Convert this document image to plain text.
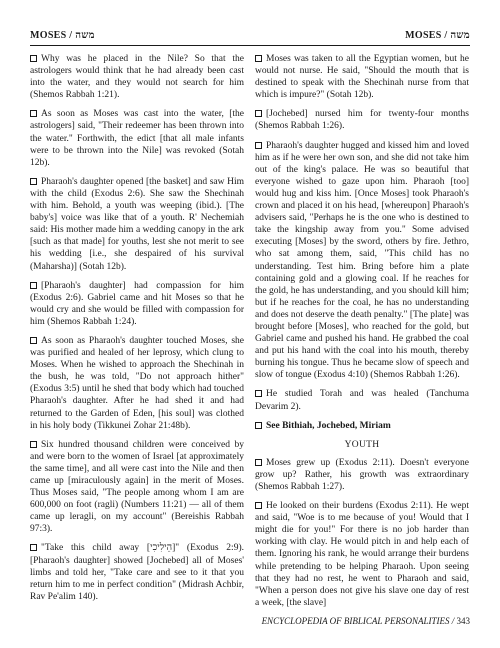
MOSES / משה	MOSES / משה

Why was he placed in the Nile? So that the astrologers would think that he had already been cast into the water, and they would not search for him (Shemos Rabbah 1:21).

As soon as Moses was cast into the water, [the astrologers] said, "Their redeemer has been thrown into the water." Forthwith, the edict [that all male infants were to be thrown into the Nile] was revoked (Sotah 12b).

Pharaoh's daughter opened [the basket] and saw Him with the child (Exodus 2:6). She saw the Shechinah with him. Behold, a youth was weeping (ibid.). [The baby's] voice was like that of a youth. R' Nechemiah said: His mother made him a wedding canopy in the ark [such as that made] for youths, lest she not merit to see his wedding [i.e., she despaired of his survival (Maharsha)] (Sotah 12b).

[Pharaoh's daughter] had compassion for him (Exodus 2:6). Gabriel came and hit Moses so that he would cry and she would be filled with compassion for him (Shemos Rabbah 1:24).

As soon as Pharaoh's daughter touched Moses, she was purified and healed of her leprosy, which clung to Moses. When he wished to approach the Shechinah in the bush, he was told, "Do not approach hither" (Exodus 3:5) until he shed that body which had touched Pharaoh's daughter. After he had shed it and had returned to the Garden of Eden, [his soul] was clothed in his holy body (Tikkunei Zohar 21:48b).

Six hundred thousand children were conceived by and were born to the women of Israel [at approximately the same time], and all were cast into the Nile and then came up [miraculously again] in the merit of Moses. Thus Moses said, "The people among whom I am are 600,000 on foot (ragli) (Numbers 11:21) — all of them came up leragli, on my account" (Bereishis Rabbah 97:3).

"Take this child away [הֵילִיכִי]" (Exodus 2:9). [Pharaoh's daughter] showed [Jochebed] all of Moses' limbs and told her, "Take care and see to it that you return him to me in perfect condition" (Midrash Achbir, Rav Pe'alim 140).

Moses was taken to all the Egyptian women, but he would not nurse. He said, "Should the mouth that is destined to speak with the Shechinah nurse from that which is impure?" (Sotah 12b).

[Jochebed] nursed him for twenty-four months (Shemos Rabbah 1:26).

Pharaoh's daughter hugged and kissed him and loved him as if he were her own son, and she did not take him out of the king's palace. He was so beautiful that everyone wished to gaze upon him. Pharaoh [too] would hug and kiss him. [Once Moses] took Pharaoh's crown and placed it on his head, [whereupon] Pharaoh's advisers said, "Perhaps he is the one who is destined to take the kingship away from you." Some advised executing [Moses] by the sword, others by fire. Jethro, who sat among them, said, "This child has no understanding. Test him. Bring before him a plate containing gold and a glowing coal. If he reaches for the gold, he has understanding, and you should kill him; but if he reaches for the coal, he has no understanding and does not deserve the death penalty." [The plate] was brought before [Moses], who reached for the gold, but Gabriel came and pushed his hand. He grabbed the coal and put his hand with the coal into his mouth, thereby burning his tongue. Thus he became slow of speech and slow of tongue (Exodus 4:10) (Shemos Rabbah 1:26).

He studied Torah and was healed (Tanchuma Devarim 2).

See Bithiah, Jochebed, Miriam

YOUTH

Moses grew up (Exodus 2:11). Doesn't everyone grow up? Rather, his growth was extraordinary (Shemos Rabbah 1:27).

He looked on their burdens (Exodus 2:11). He wept and said, "Woe is to me because of you! Would that I might die for you!" For there is no job harder than working with clay. He would pitch in and help each of them. Ignoring his rank, he would arrange their burdens while pretending to be helping Pharaoh. Upon seeing that they had no rest, he went to Pharaoh and said, "When a person does not give his slave one day of rest a week, [the slave]

ENCYCLOPEDIA OF BIBLICAL PERSONALITIES / 343
